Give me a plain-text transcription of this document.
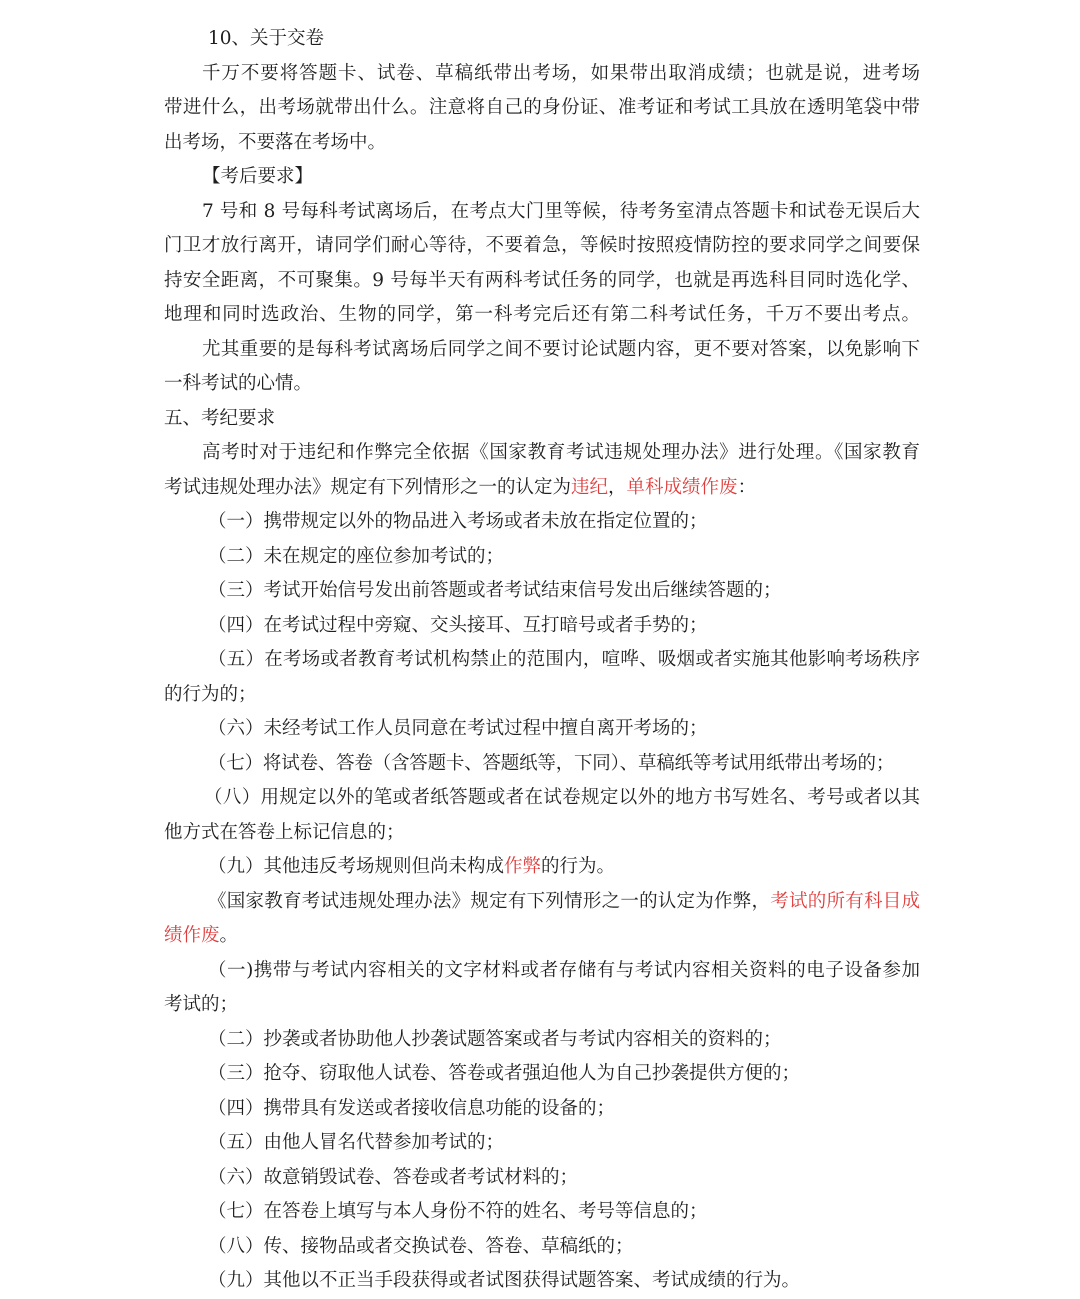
10、关于交卷
千万不要将答题卡、试卷、草稿纸带出考场，如果带出取消成绩；也就是说，进考场
带进什么，出考场就带出什么。注意将自己的身份证、准考证和考试工具放在透明笔袋中带
出考场，不要落在考场中。
【考后要求】
7 号和 8 号每科考试离场后，在考点大门里等候，待考务室清点答题卡和试卷无误后大
门卫才放行离开，请同学们耐心等待，不要着急，等候时按照疫情防控的要求同学之间要保
持安全距离，不可聚集。9 号每半天有两科考试任务的同学，也就是再选科目同时选化学、
地理和同时选政治、生物的同学，第一科考完后还有第二科考试任务，千万不要出考点。
尤其重要的是每科考试离场后同学之间不要讨论试题内容，更不要对答案，以免影响下
一科考试的心情。
五、考纪要求
高考时对于违纪和作弊完全依据《国家教育考试违规处理办法》进行处理。《国家教育
考试违规处理办法》规定有下列情形之一的认定为违纪，单科成绩作废：
（一）携带规定以外的物品进入考场或者未放在指定位置的；
（二）未在规定的座位参加考试的；
（三）考试开始信号发出前答题或者考试结束信号发出后继续答题的；
（四）在考试过程中旁窥、交头接耳、互打暗号或者手势的；
（五）在考场或者教育考试机构禁止的范围内，喧哗、吸烟或者实施其他影响考场秩序
的行为的；
（六）未经考试工作人员同意在考试过程中擅自离开考场的；
（七）将试卷、答卷（含答题卡、答题纸等，下同）、草稿纸等考试用纸带出考场的；
（八）用规定以外的笔或者纸答题或者在试卷规定以外的地方书写姓名、考号或者以其
他方式在答卷上标记信息的；
（九）其他违反考场规则但尚未构成作弊的行为。
《国家教育考试违规处理办法》规定有下列情形之一的认定为作弊，考试的所有科目成
绩作废。
（一)携带与考试内容相关的文字材料或者存储有与考试内容相关资料的电子设备参加
考试的；
（二）抄袭或者协助他人抄袭试题答案或者与考试内容相关的资料的；
（三）抢夺、窃取他人试卷、答卷或者强迫他人为自己抄袭提供方便的；
（四）携带具有发送或者接收信息功能的设备的；
（五）由他人冒名代替参加考试的；
（六）故意销毁试卷、答卷或者考试材料的；
（七）在答卷上填写与本人身份不符的姓名、考号等信息的；
（八）传、接物品或者交换试卷、答卷、草稿纸的；
（九）其他以不正当手段获得或者试图获得试题答案、考试成绩的行为。
